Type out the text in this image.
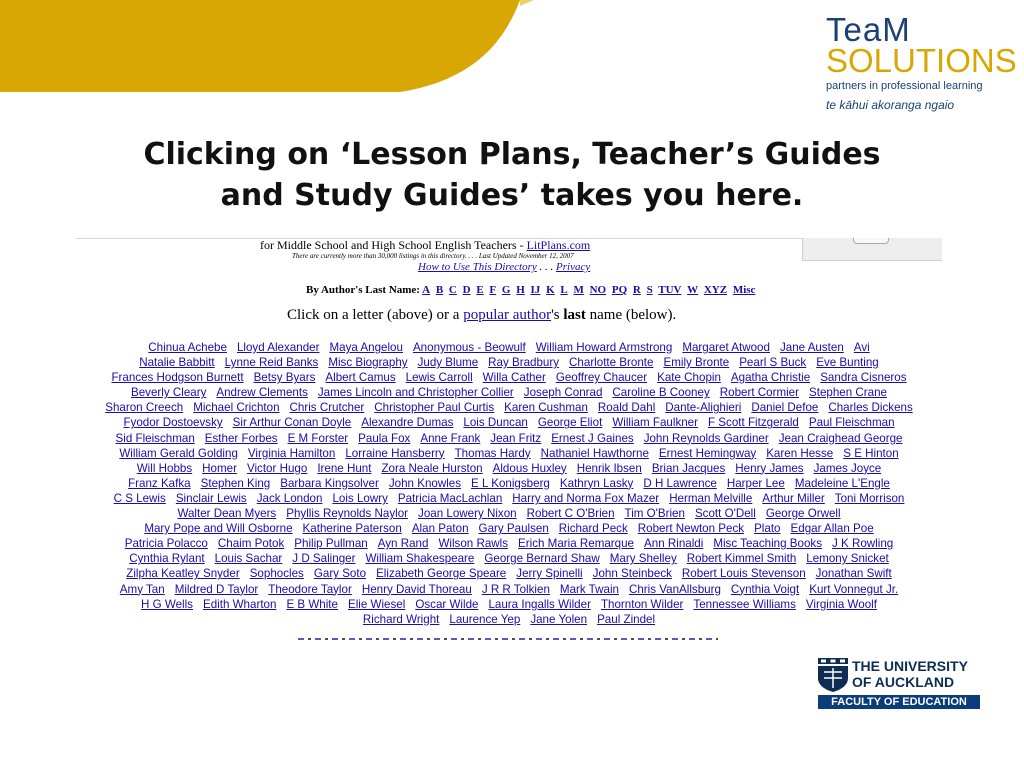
TeaM
SOLUTIONS
partners in professional learning
te kāhui akoranga ngaio
Clicking on ‘Lesson Plans, Teacher’s Guides
and Study Guides’ takes you here.
for Middle School and High School English Teachers - LitPlans.com
There are currently more than 30,000 listings in this directory. . . . Last Updated November 12, 2007
How to Use This Directory . . . Privacy
By Author's Last Name: A B C D E F G H IJ K L M NO PQ R S TUV W XYZ Misc
Click on a letter (above) or a popular author's last name (below).
Chinua Achebe Lloyd Alexander Maya Angelou Anonymous - Beowulf William Howard Armstrong Margaret Atwood Jane Austen Avi
Natalie Babbitt Lynne Reid Banks Misc Biography Judy Blume Ray Bradbury Charlotte Bronte Emily Bronte Pearl S Buck Eve Bunting
Frances Hodgson Burnett Betsy Byars Albert Camus Lewis Carroll Willa Cather Geoffrey Chaucer Kate Chopin Agatha Christie Sandra Cisneros
Beverly Cleary Andrew Clements James Lincoln and Christopher Collier Joseph Conrad Caroline B Cooney Robert Cormier Stephen Crane
Sharon Creech Michael Crichton Chris Crutcher Christopher Paul Curtis Karen Cushman Roald Dahl Dante-Alighieri Daniel Defoe Charles Dickens
Fyodor Dostoevsky Sir Arthur Conan Doyle Alexandre Dumas Lois Duncan George Eliot William Faulkner F Scott Fitzgerald Paul Fleischman
Sid Fleischman Esther Forbes E M Forster Paula Fox Anne Frank Jean Fritz Ernest J Gaines John Reynolds Gardiner Jean Craighead George
William Gerald Golding Virginia Hamilton Lorraine Hansberry Thomas Hardy Nathaniel Hawthorne Ernest Hemingway Karen Hesse S E Hinton
Will Hobbs Homer Victor Hugo Irene Hunt Zora Neale Hurston Aldous Huxley Henrik Ibsen Brian Jacques Henry James James Joyce
Franz Kafka Stephen King Barbara Kingsolver John Knowles E L Konigsberg Kathryn Lasky D H Lawrence Harper Lee Madeleine L'Engle
C S Lewis Sinclair Lewis Jack London Lois Lowry Patricia MacLachlan Harry and Norma Fox Mazer Herman Melville Arthur Miller Toni Morrison
Walter Dean Myers Phyllis Reynolds Naylor Joan Lowery Nixon Robert C O'Brien Tim O'Brien Scott O'Dell George Orwell
Mary Pope and Will Osborne Katherine Paterson Alan Paton Gary Paulsen Richard Peck Robert Newton Peck Plato Edgar Allan Poe
Patricia Polacco Chaim Potok Philip Pullman Ayn Rand Wilson Rawls Erich Maria Remarque Ann Rinaldi Misc Teaching Books J K Rowling
Cynthia Rylant Louis Sachar J D Salinger William Shakespeare George Bernard Shaw Mary Shelley Robert Kimmel Smith Lemony Snicket
Zilpha Keatley Snyder Sophocles Gary Soto Elizabeth George Speare Jerry Spinelli John Steinbeck Robert Louis Stevenson Jonathan Swift
Amy Tan Mildred D Taylor Theodore Taylor Henry David Thoreau J R R Tolkien Mark Twain Chris VanAllsburg Cynthia Voigt Kurt Vonnegut Jr.
H G Wells Edith Wharton E B White Elie Wiesel Oscar Wilde Laura Ingalls Wilder Thornton Wilder Tennessee Williams Virginia Woolf
Richard Wright Laurence Yep Jane Yolen Paul Zindel
THE UNIVERSITY
OF AUCKLAND
FACULTY OF EDUCATION
